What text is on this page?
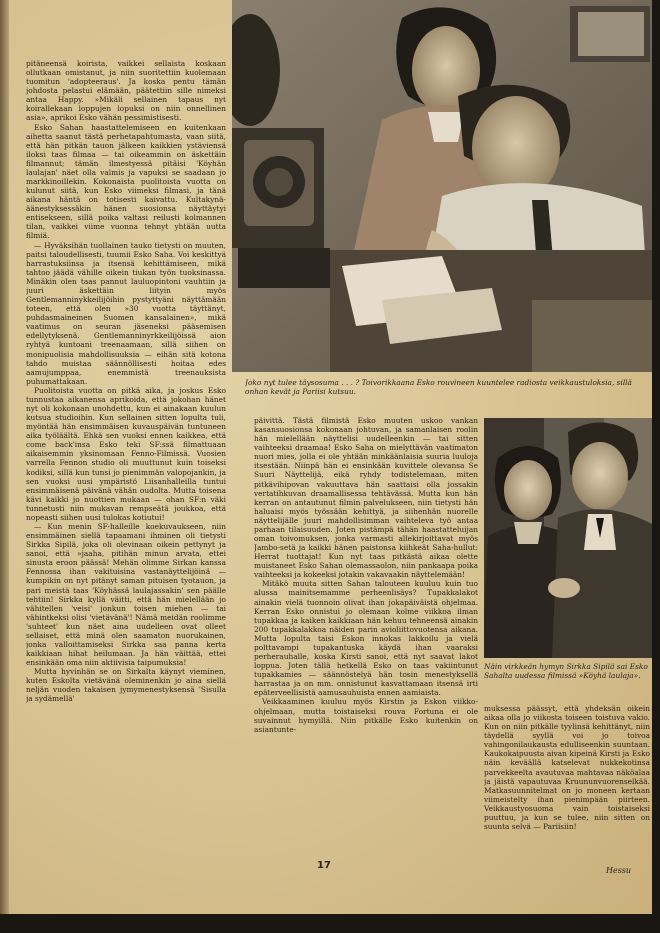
Joko nyt tulee täysosuma . . . ? Toivorikkaana Esko rouvineen kuuntelee radiosta veikkaustuloksia, sillä onhan kevät ja Pariisi kutsuu.
Näin virkkeän hymyn Sirkka Sipilä sai Esko Sahalta uudessa filmissä »Köyhä laulaja».

pitäneensä koirista, vaikkei sellaista koskaan ollutkaan omistanut, ja niin suoritettiin kuolemaan tuomitun 'adopteeraus'. Ja koska pentu tämän johdosta pelastui elämään, päätettiin sille nimeksi antaa Happy. »Mikäli sellainen tapaus nyt koirallekaan loppujen lopuksi on niin onnellinen asia», aprikoi Esko vähän pessimistisesti.

Esko Sahan haastattelemiseen en kuitenkaan aihetta saanut tästä perhetapahtumasta, vaan siitä, että hän pitkän tauon jälkeen kaikkien ystäviensä iloksi taas filmaa — tai oikeammin on äskettäin filmannut; tämän ilmestyessä pitäisi 'Köyhän laulajan' näet olla valmis ja vapuksi se saadaan jo markkinoillekin. Kokonaista puolitoista vuotta on kulunut siitä, kun Esko viimeksi filmasi, ja tänä aikana häntä on totisesti kaivattu. Kultakynä-äänestyksessäkin hänen suosionsa näyttäytyi entisekseen, sillä poika valtasi reilusti kolmannen tilan, vaikkei viime vuonna tehnyt yhtään uutta filmiä.

— Hyväksihän tuollainen tauko tietysti on muuten, paitsi taloudellisesti, tuumii Esko Saha. Voi keskittyä harrastuksiinsa ja itsensä kehittämiseen, mikä tahtoo jäädä vähille oikein tiukan työn tuoksinassa. Minäkin olen taas pannut lauluopintoni vauhtiin ja juuri äskettäin liityin myös Gentlemanninykkeilijöihin pystyttyäni näyttämään toteen, että olen »30 vuotta täyttänyt, puhdasmaineinen Suomen kansalainen», mikä vaatimus on seuran jäseneksi pääsemisen edellytyksenä. Gentlemanninyrkkeilijöissä aion ryhtyä kuntoani treenaamaan, sillä siihen on monipuolisia mahdollisuuksia — eihän sitä kotona tahdo muistaa säännöllisesti hoitaa edes aamujumppaa, enemmistä treenauksista puhumattakaan.

Puolitoista vuotta on pitkä aika, ja joskus Esko tunnustaa aikanensa aprikoida, että jokohan hänet nyt oli kokonaan unohdettu, kun ei ainakaan kuulun kutsua studioihin. Kun sellainen sitten lopulta tuli, myöntää hän ensimmäisen kuvauspäivän tuntuneen aika työläältä. Ehkä sen vuoksi ennen kaikkea, että come back'insa Esko teki SF:ssä filmattuaan aikaisemmin yksinomaan Fenno-Filmissä. Vuosien varrella Fennon studio oli muuttunut kuin toiseksi kodiksi, sillä kun tunsi jo pienimmän valopojankin, ja sen vuoksi uusi ympäristö Liisanhalleilla tuntui ensimmäisenä päivänä vähän oudolta. Mutta toisena kävi kaikki jo nuottien mukaan — ohan SF:n väki tunnetusti niin mukavan rempseätä joukkoa, että nopeasti siihen uusi tulokas kotiutui!

— Kun menin SF-halleille koekuvaukseen, niin ensimmäinen siellä tapaamani ihminen oli tietysti Sirkka Sipilä, joka oli olevinaan oikein pettynyt ja sanoi, että »jaaha, pitihän minun arvata, ettei sinusta eroon päässä! Mehän olimme Sirkan kanssa Fennossa ihan vakituisina vastanäyttelijöinä — kumpikin on nyt pitänyt saman pituisen tyotauon, ja pari meistä taas 'Köyhässä laulajassakin' sen päälle tehtiin! Sirkka kyllä väitti, että hän mielellään jo vähitellen 'veisi' jonkun toisen miehen — tai vähintkeksi olisi 'vietävänä'! Nämä meidän roolimme 'suhteet' kun näet aina uudelleen ovat olleet sellaiset, että minä olen saamaton nuorukainen, jonka valloittamiseksi Sirkka saa panna kerta kaikkiaan hihat heilumaan. Ja hän väittää, ettei ensinkään oma niin aktiivisia taipumuksia!

Mutta hyvinhän se on Sirkalta käynyt viemínen, kuten Eskolta vietävänä oleminenkin jo aina siellä neljän vuoden takaisen jymymenestyksensä 'Sisulla ja sydämellä'

päivittä. Tästä filmistä Esko muuten uskoo vankan kasansuosionsa kokonaan johtuvan, ja samanlaisen roolin hän mielellään näyttelisi uudelleenkin — tai sitten vaihteeksi draamaa! Esko Saha on mielyttävän vaatimaton nuori mies, jolla ei ole yhtään minkäänlaisia suuria luuloja itsestään. Niinpä hän ei ensinkään kuvittele olevansa Se Suuri Näyttelijä, eikä ryhdy todistelemaan, miten pitkävihipovan vakuuttava hän saattaisi olla jossakin vertatihkuvan draamallisessa tehtävässä. Mutta kun hän kerran on antautunut filmin palvelukseen, niin tietysti hän haluaisi myös työssään kehittyä, ja siihenhän nuorelle näyttelijälle juuri mahdollisimman vaihteleva työ antaa parhaan tilaisuuden. Joten pistämpä tähän haastatteluijan oman toivomuksen, jonka varmasti allekirjoittavat myös Jambo-setä ja kaikki hänen paistonsa kiihkeät Saha-hullut: Herrat tuottajat! Kun nyt taas pitkästä aikaa olette muistaneet Esko Sahan olemassaolon, niin pankaapa poika vaihteeksi ja kokeeksi jotakin vakavaakin näyttelemään!

Mitäkö muuta sitten Sahan talouteen kuuluu kuin tuo alussa mainitsemamme perheenlisäys? Tupakkalakot ainakin vielä tuonnoin olivat ihan jokapäiväistä ohjelmaa. Kerran Esko onnistui jo olemaan kolme viikkoa ilman tupakkaa ja kaiken kaikkiaan hän kehuu tehneensä ainakin 200 tupakkalakkoa näiden parin avioliittovuotensa aikana. Mutta lopulta taisi Eskon innokas lakkoilu ja vielä polttavampi tupakantuska käydä ihan vaaraksi perherauhalle, koska Kirsti sanoi, että nyt saavat lakot loppua. Joten tällä hetkellä Esko on taas vakiintunut tupakkamies — säännöstelyä hän tosin menestyksellä harrastaa ja on mm. onnistunut kasvattamaan itsensä irti epäterveellisistä aamusauhuista ennen aamiaista.

Veikkaaminen kuuluu myös Kirstin ja Eskon viikko-ohjelmaan, mutta toistaiseksi rouva Fortuna ei ole suvainnut hymyillä. Niin pitkälle Esko kuitenkin on asiantunte-

muksessa päässyt, että yhdeksän oikein aikaa olla jo viikosta toiseen toistuva vakio. Kun on niin pitkälle tyylinsä kehittänyt, niin täydellä syyllä voi jo toivoa vahingonilaukausta edulliseenkin suuntaan. Kaukokaipuusta aivan kipeinä Kirsti ja Esko näin keväällä katselevat nukkekotinsa parvekkeelta avautuvaa mahtavaa näköalaa ja jäistä vapautuvaa Kruununvuorenselkää. Matkasuunnitelmat on jo moneen kertaan viimeistelty ihan pienimpään piirteen. Veikkaustyosuoma vain toistaiseksi puuttuu, ja kun se tulee, niin sitten on suunta selvä — Pariisiin!

17	Hessu
